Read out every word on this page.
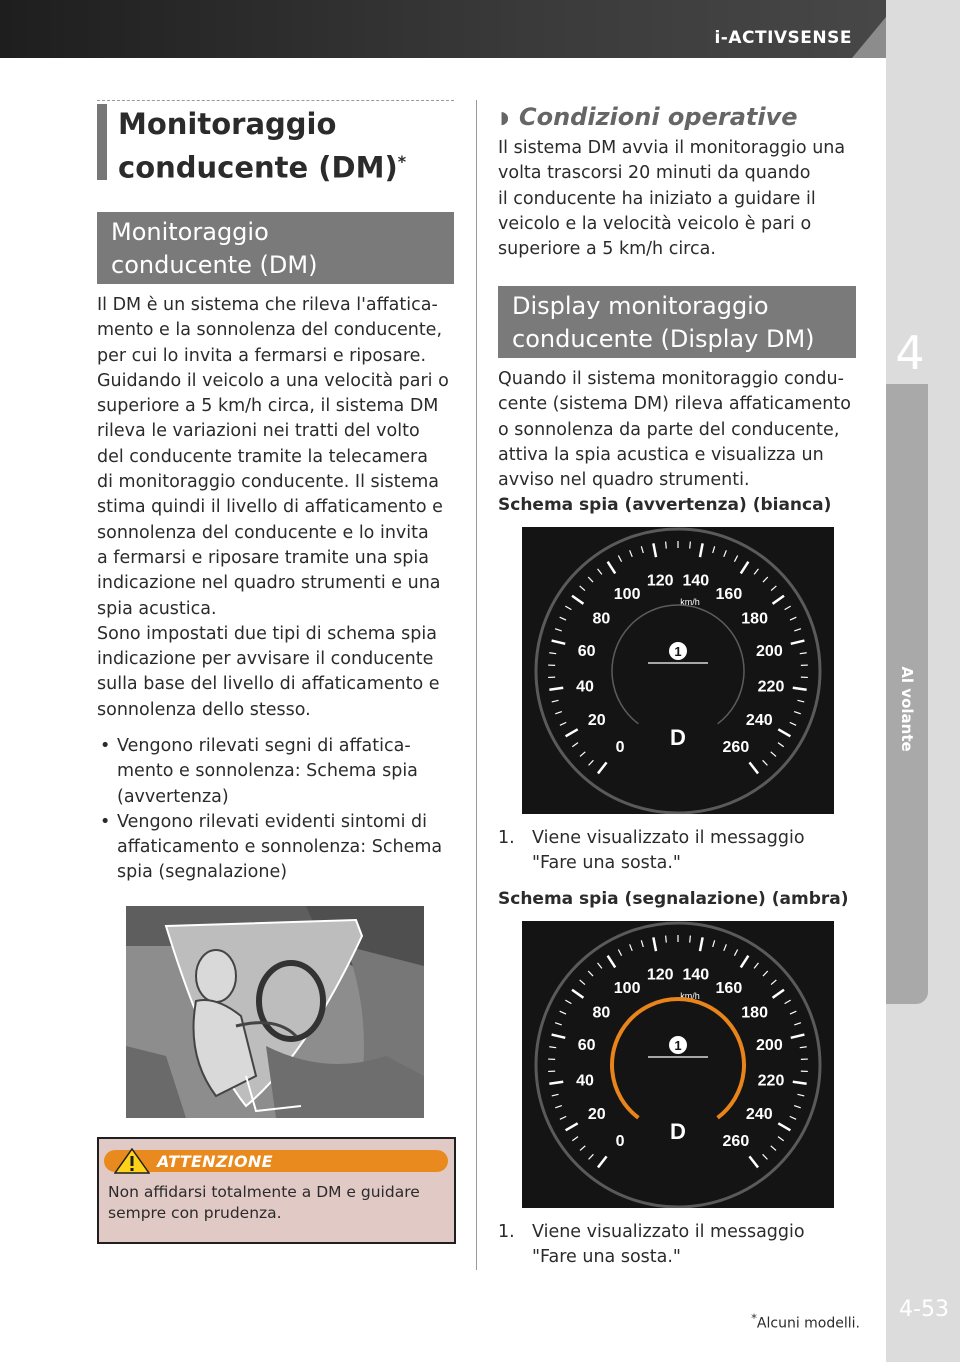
i-ACTIVSENSE
4
Al volante
4-53
Monitoraggio conducente (DM)*
Monitoraggio
conducente (DM)
Il DM è un sistema che rileva l'affatica-
mento e la sonnolenza del conducente,
per cui lo invita a fermarsi e riposare.
Guidando il veicolo a una velocità pari o
superiore a 5 km/h circa, il sistema DM
rileva le variazioni nei tratti del volto
del conducente tramite la telecamera
di monitoraggio conducente. Il sistema
stima quindi il livello di affaticamento e
sonnolenza del conducente e lo invita
a fermarsi e riposare tramite una spia
indicazione nel quadro strumenti e una
spia acustica.
Sono impostati due tipi di schema spia
indicazione per avvisare il conducente
sulla base del livello di affaticamento e
sonnolenza dello stesso.
• Vengono rilevati segni di affatica-
mento e sonnolenza: Schema spia
(avvertenza)
• Vengono rilevati evidenti sintomi di
affaticamento e sonnolenza: Schema
spia (segnalazione)
ATTENZIONE
Non affidarsi totalmente a DM e guidare
sempre con prudenza.
◗ Condizioni operative
Il sistema DM avvia il monitoraggio una
volta trascorsi 20 minuti da quando
il conducente ha iniziato a guidare il
veicolo e la velocità veicolo è pari o
superiore a 5 km/h circa.
Display monitoraggio
conducente (Display DM)
Quando il sistema monitoraggio condu-
cente (sistema DM) rileva affaticamento
o sonnolenza da parte del conducente,
attiva la spia acustica e visualizza un
avviso nel quadro strumenti.
Schema spia (avvertenza) (bianca)
0
20
40
60
80
100
120 140
160
180
200
220
240
260
km/h
1
D
1. Viene visualizzato il messaggio
"Fare una sosta."
Schema spia (segnalazione) (ambra)
0
20
40
60
80
100
120 140
160
180
200
220
240
260
km/h
1
D
1. Viene visualizzato il messaggio
"Fare una sosta."
*Alcuni modelli.
